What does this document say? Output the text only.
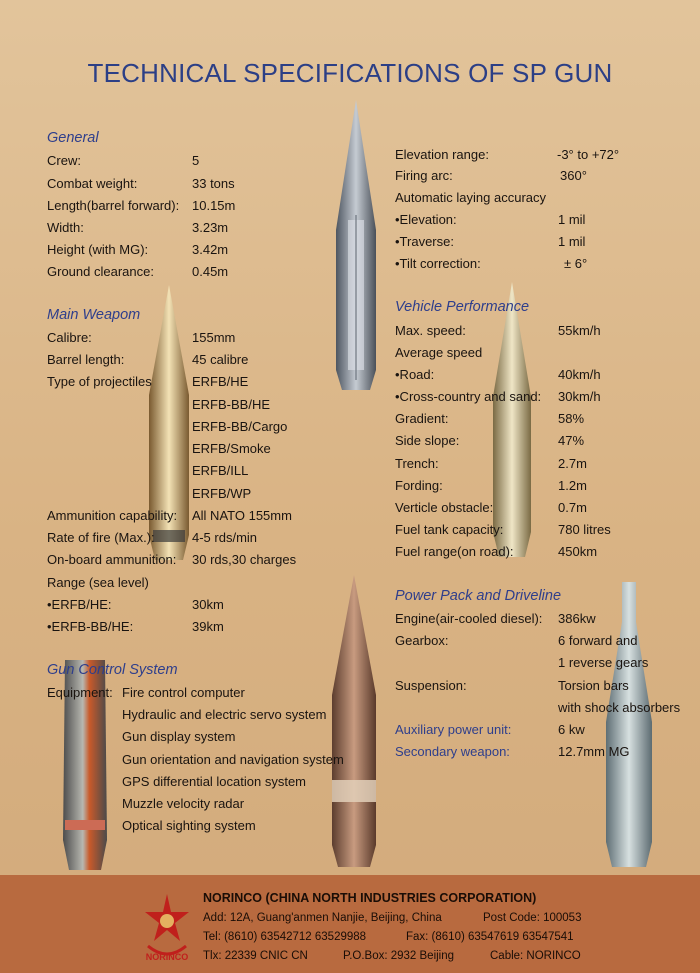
TECHNICAL SPECIFICATIONS OF SP GUN
General
Crew:	5
Combat weight:	33 tons
Length(barrel forward): 10.15m
Width:	3.23m
Height (with MG):	3.42m
Ground clearance:	0.45m
Main Weapom
Calibre:	155mm
Barrel length:	45 calibre
Type of projectiles	ERFB/HE
ERFB-BB/HE
ERFB-BB/Cargo
ERFB/Smoke
ERFB/ILL
ERFB/WP
Ammunition capability: All NATO 155mm
Rate of fire (Max.):	4-5 rds/min
On-board ammunition: 30 rds,30 charges
Range (sea level)
•ERFB/HE:	30km
•ERFB-BB/HE:	39km
Gun Control System
Equipment: Fire control computer
Hydraulic and electric servo system
Gun display system
Gun orientation and navigation system
GPS differential location system
Muzzle velocity radar
Optical sighting system
Elevation range:	-3° to +72°
Firing arc:	360°
Automatic laying accuracy
•Elevation:	1 mil
•Traverse:	1 mil
•Tilt correction:	± 6°
Vehicle Performance
Max. speed:	55km/h
Average speed
•Road:	40km/h
•Cross-country and sand: 30km/h
Gradient:	58%
Side slope:	47%
Trench:	2.7m
Fording:	1.2m
Verticle obstacle:	0.7m
Fuel tank capacity:	780 litres
Fuel range(on road):	450km
Power Pack and Driveline
Engine(air-cooled diesel): 386kw
Gearbox:	6 forward and
1 reverse gears
Suspension:	Torsion bars
with shock absorbers
Auxiliary power unit:	6 kw
Secondary weapon:	12.7mm MG
NORINCO
NORINCO (CHINA NORTH INDUSTRIES CORPORATION)
Add: 12A, Guang'anmen Nanjie, Beijing, China	Post Code: 100053
Tel: (8610) 63542712 63529988	Fax: (8610) 63547619 63547541
Tlx: 22339 CNIC CN	P.O.Box: 2932 Beijing	Cable: NORINCO
